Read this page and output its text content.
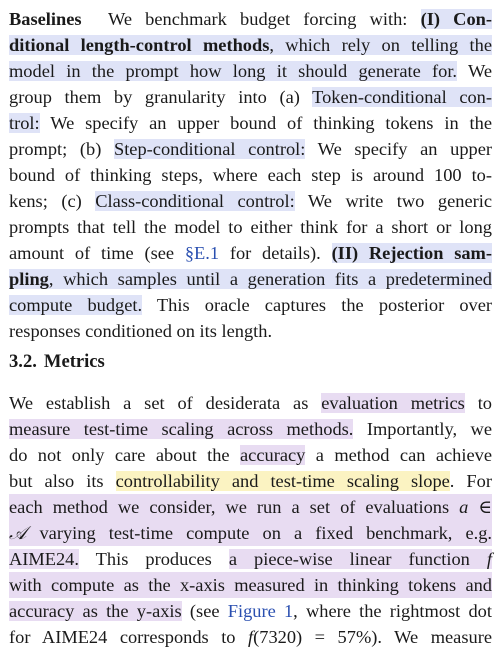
Baselines We benchmark budget forcing with: (I) Con-
ditional length-control methods, which rely on telling the
model in the prompt how long it should generate for. We
group them by granularity into (a) Token-conditional con-
trol: We specify an upper bound of thinking tokens in the
prompt; (b) Step-conditional control: We specify an upper
bound of thinking steps, where each step is around 100 to-
kens; (c) Class-conditional control: We write two generic
prompts that tell the model to either think for a short or long
amount of time (see §E.1 for details). (II) Rejection sam-
pling, which samples until a generation fits a predetermined
compute budget. This oracle captures the posterior over
responses conditioned on its length.
3.2. Metrics
We establish a set of desiderata as evaluation metrics to
measure test-time scaling across methods. Importantly, we
do not only care about the accuracy a method can achieve
but also its controllability and test-time scaling slope. For
each method we consider, we run a set of evaluations a ∈
𝒜 varying test-time compute on a fixed benchmark, e.g.
AIME24. This produces a piece-wise linear function f
with compute as the x-axis measured in thinking tokens and
accuracy as the y-axis (see Figure 1, where the rightmost dot
for AIME24 corresponds to f(7320) = 57%). We measure
